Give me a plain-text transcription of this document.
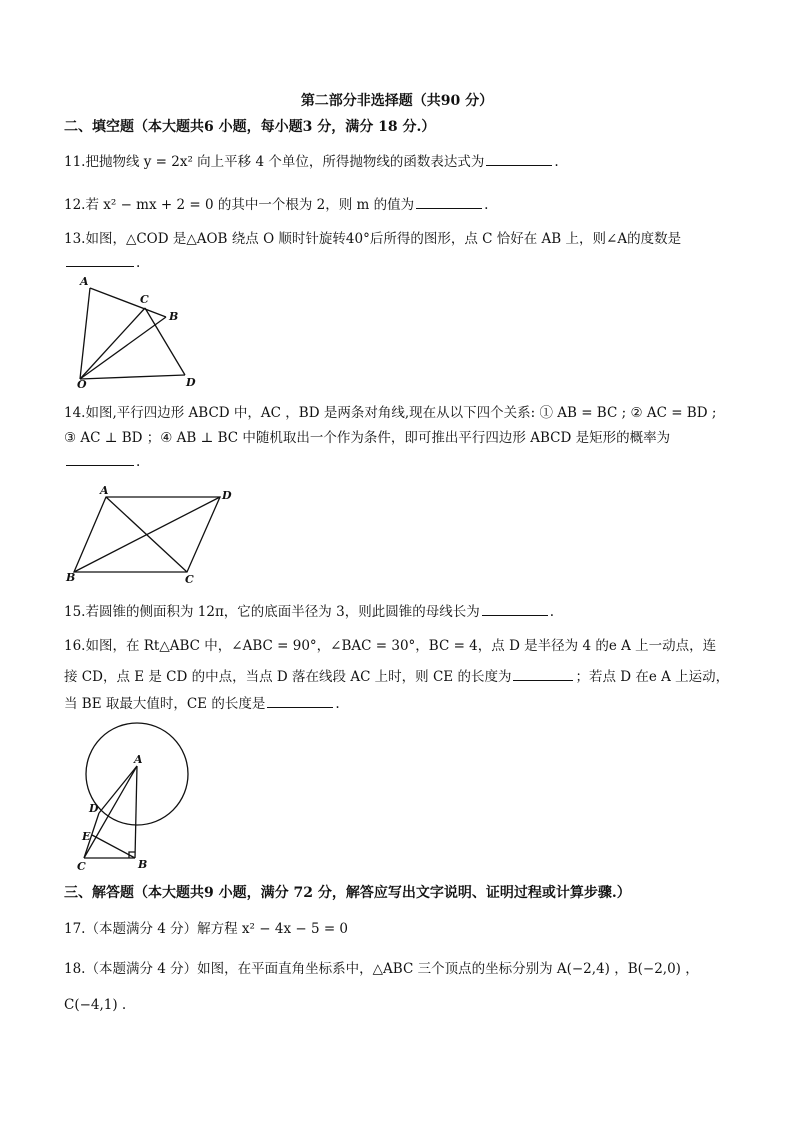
第二部分非选择题（共90 分）
二、填空题（本大题共6 小题，每小题3 分，满分 18 分.）
11.把抛物线 y = 2x² 向上平移 4 个单位，所得抛物线的函数表达式为	.
12.若 x² − mx + 2 = 0 的其中一个根为 2，则 m 的值为	.
13.如图，△COD 是△AOB 绕点 O 顺时针旋转40°后所得的图形，点 C 恰好在 AB 上，则∠A的度数是
.
A
C
B
O	D
14.如图,平行四边形 ABCD 中，AC ，BD 是两条对角线,现在从以下四个关系: ① AB = BC ; ② AC = BD ;
③ AC ⊥ BD ；④ AB ⊥ BC 中随机取出一个作为条件，即可推出平行四边形 ABCD 是矩形的概率为
.
A	D
B	C
15.若圆锥的侧面积为 12π，它的底面半径为 3，则此圆锥的母线长为	.
16.如图，在 Rt△ABC 中，∠ABC = 90°，∠BAC = 30°，BC = 4，点 D 是半径为 4 的e A 上一动点，连
接 CD，点 E 是 CD 的中点，当点 D 落在线段 AC 上时，则 CE 的长度为	；若点 D 在e A 上运动，
当 BE 取最大值时，CE 的长度是	.
A
D
E
C	B
三、解答题（本大题共9 小题，满分 72 分，解答应写出文字说明、证明过程或计算步骤.）
17.（本题满分 4 分）解方程 x² − 4x − 5 = 0
18.（本题满分 4 分）如图，在平面直角坐标系中，△ABC 三个顶点的坐标分别为 A(−2,4) ，B(−2,0) ，
C(−4,1) .
